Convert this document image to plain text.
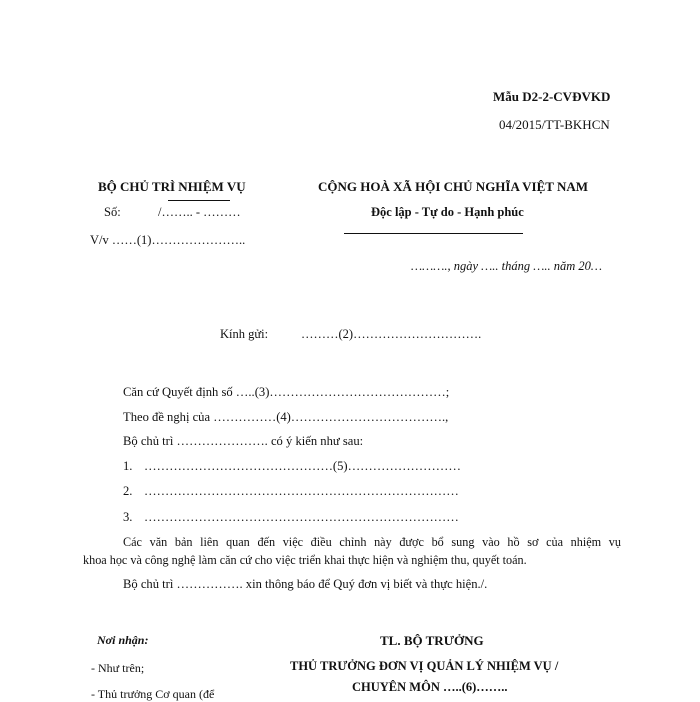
Mẫu D2-2-CVĐVKD
04/2015/TT-BKHCN
BỘ CHỦ TRÌ NHIỆM VỤ
Số:	/…….. - ………
V/v ……(1)…………………..
CỘNG HOÀ XÃ HỘI CHỦ NGHĨA VIỆT NAM
Độc lập - Tự do - Hạnh phúc
………., ngày ….. tháng ….. năm 20…
Kính gửi:	………(2)………………………….
Căn cứ Quyết định số …..(3)……………………………………;
Theo đề nghị của ……………(4)……………………………….,
Bộ chủ trì …………………. có ý kiến như sau:
1. ………………………………………(5)………………………
2. …………………………………………………………………
3. …………………………………………………………………
Các văn bản liên quan đến việc điều chỉnh này được bổ sung vào hồ sơ của nhiệm vụ
khoa học và công nghệ làm căn cứ cho việc triển khai thực hiện và nghiệm thu, quyết toán.
Bộ chủ trì ……………. xin thông báo để Quý đơn vị biết và thực hiện./.
Nơi nhận:
- Như trên;
- Thủ trưởng Cơ quan (để
TL. BỘ TRƯỞNG
THỦ TRƯỞNG ĐƠN VỊ QUẢN LÝ NHIỆM VỤ /
CHUYÊN MÔN …..(6)……..
